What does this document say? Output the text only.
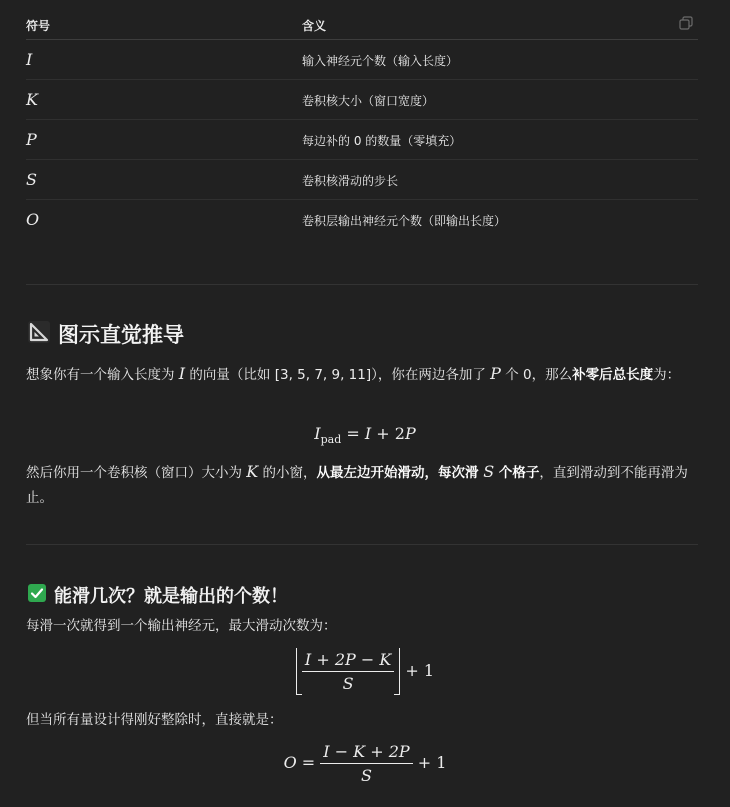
符号	含义
I	输入神经元个数（输入长度）
K	卷积核大小（窗口宽度）
P	每边补的 0 的数量（零填充）
S	卷积核滑动的步长
O	卷积层输出神经元个数（即输出长度）
图示直觉推导
想象你有一个输入长度为 I 的向量（比如 [3, 5, 7, 9, 11]），你在两边各加了 P 个 0，那么补零后总长度为：
$I_{pad} = I + 2P$
然后你用一个卷积核（窗口）大小为 K 的小窗，从最左边开始滑动，每次滑 S 个格子，直到滑动到不能再滑为止。
能滑几次？就是输出的个数！
每滑一次就得到一个输出神经元，最大滑动次数为：
$\frac{I + 2P - K}{S} + 1$
但当所有量设计得刚好整除时，直接就是：
$O = \frac{I - K + 2P}{S} + 1$
